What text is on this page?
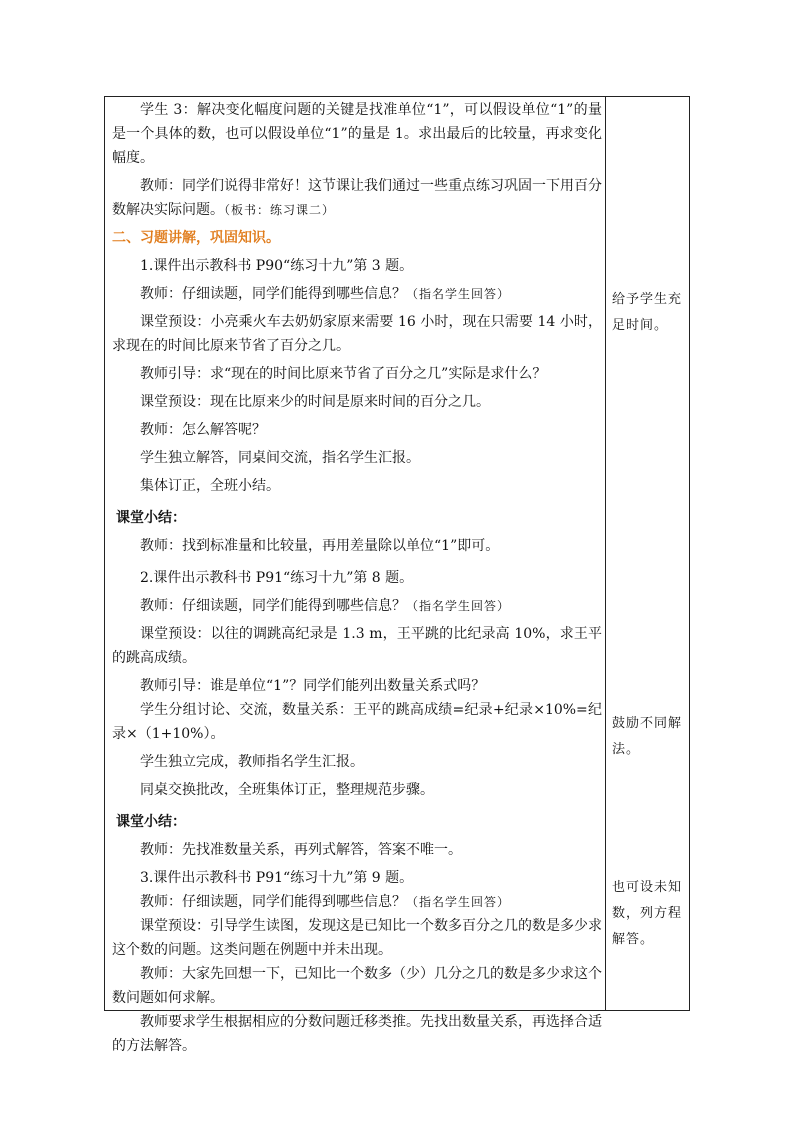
学生 3：解决变化幅度问题的关键是找准单位“1”，可以假设单位“1”的量是一个具体的数，也可以假设单位“1”的量是 1。求出最后的比较量，再求变化幅度。

教师：同学们说得非常好！这节课让我们通过一些重点练习巩固一下用百分数解决实际问题。（板书：练习课二）

二、习题讲解，巩固知识。

1.课件出示教科书 P90“练习十九”第 3 题。

教师：仔细读题，同学们能得到哪些信息？（指名学生回答）

课堂预设：小亮乘火车去奶奶家原来需要 16 小时，现在只需要 14 小时，求现在的时间比原来节省了百分之几。

教师引导：求“现在的时间比原来节省了百分之几”实际是求什么？

课堂预设：现在比原来少的时间是原来时间的百分之几。

教师：怎么解答呢？

学生独立解答，同桌间交流，指名学生汇报。

集体订正，全班小结。

课堂小结：

教师：找到标准量和比较量，再用差量除以单位“1”即可。

2.课件出示教科书 P91“练习十九”第 8 题。

教师：仔细读题，同学们能得到哪些信息？（指名学生回答）

课堂预设：以往的调跳高纪录是 1.3 m，王平跳的比纪录高 10%，求王平的跳高成绩。

教师引导：谁是单位“1”？同学们能列出数量关系式吗？

学生分组讨论、交流，数量关系：王平的跳高成绩=纪录+纪录×10%=纪录×（1+10%）。

学生独立完成，教师指名学生汇报。

同桌交换批改，全班集体订正，整理规范步骤。

课堂小结：

教师：先找准数量关系，再列式解答，答案不唯一。

3.课件出示教科书 P91“练习十九”第 9 题。

教师：仔细读题，同学们能得到哪些信息？（指名学生回答）

课堂预设：引导学生读图，发现这是已知比一个数多百分之几的数是多少求这个数的问题。这类问题在例题中并未出现。

教师：大家先回想一下，已知比一个数多（少）几分之几的数是多少求这个数问题如何求解。

教师要求学生根据相应的分数问题迁移类推。先找出数量关系，再选择合适的方法解答。

给予学生充足时间。
鼓励不同解法。
也可设未知数，列方程解答。
